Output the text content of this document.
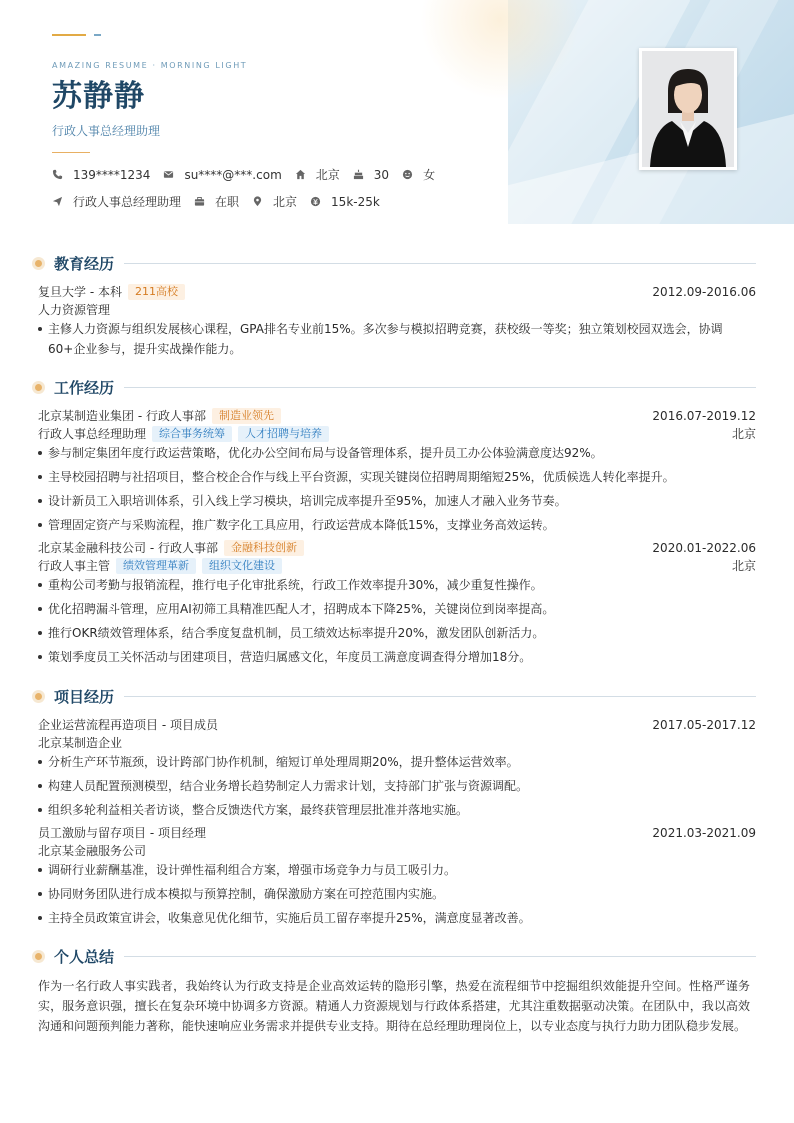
AMAZING RESUME · MORNING LIGHT
苏静静
行政人事总经理助理
139****1234	su****@***.com	北京	30	女
行政人事总经理助理	在职	北京	15k-25k
教育经历
复旦大学 - 本科	211高校	2012.09-2016.06
人力资源管理
主修人力资源与组织发展核心课程，GPA排名专业前15%。多次参与模拟招聘竞赛，获校级一等奖；独立策划校园双选会，协调60+企业参与，提升实战操作能力。
工作经历
北京某制造业集团 - 行政人事部	制造业领先	2016.07-2019.12
行政人事总经理助理	综合事务统筹	人才招聘与培养	北京
参与制定集团年度行政运营策略，优化办公空间布局与设备管理体系，提升员工办公体验满意度达92%。
主导校园招聘与社招项目，整合校企合作与线上平台资源，实现关键岗位招聘周期缩短25%，优质候选人转化率提升。
设计新员工入职培训体系，引入线上学习模块，培训完成率提升至95%，加速人才融入业务节奏。
管理固定资产与采购流程，推广数字化工具应用，行政运营成本降低15%，支撑业务高效运转。
北京某金融科技公司 - 行政人事部	金融科技创新	2020.01-2022.06
行政人事主管	绩效管理革新	组织文化建设	北京
重构公司考勤与报销流程，推行电子化审批系统，行政工作效率提升30%，减少重复性操作。
优化招聘漏斗管理，应用AI初筛工具精准匹配人才，招聘成本下降25%，关键岗位到岗率提高。
推行OKR绩效管理体系，结合季度复盘机制，员工绩效达标率提升20%，激发团队创新活力。
策划季度员工关怀活动与团建项目，营造归属感文化，年度员工满意度调查得分增加18分。
项目经历
企业运营流程再造项目 - 项目成员	2017.05-2017.12
北京某制造企业
分析生产环节瓶颈，设计跨部门协作机制，缩短订单处理周期20%，提升整体运营效率。
构建人员配置预测模型，结合业务增长趋势制定人力需求计划，支持部门扩张与资源调配。
组织多轮利益相关者访谈，整合反馈迭代方案，最终获管理层批准并落地实施。
员工激励与留存项目 - 项目经理	2021.03-2021.09
北京某金融服务公司
调研行业薪酬基准，设计弹性福利组合方案，增强市场竞争力与员工吸引力。
协同财务团队进行成本模拟与预算控制，确保激励方案在可控范围内实施。
主持全员政策宣讲会，收集意见优化细节，实施后员工留存率提升25%，满意度显著改善。
个人总结
作为一名行政人事实践者，我始终认为行政支持是企业高效运转的隐形引擎，热爱在流程细节中挖掘组织效能提升空间。性格严谨务实，服务意识强，擅长在复杂环境中协调多方资源。精通人力资源规划与行政体系搭建，尤其注重数据驱动决策。在团队中，我以高效沟通和问题预判能力著称，能快速响应业务需求并提供专业支持。期待在总经理助理岗位上，以专业态度与执行力助力团队稳步发展。
